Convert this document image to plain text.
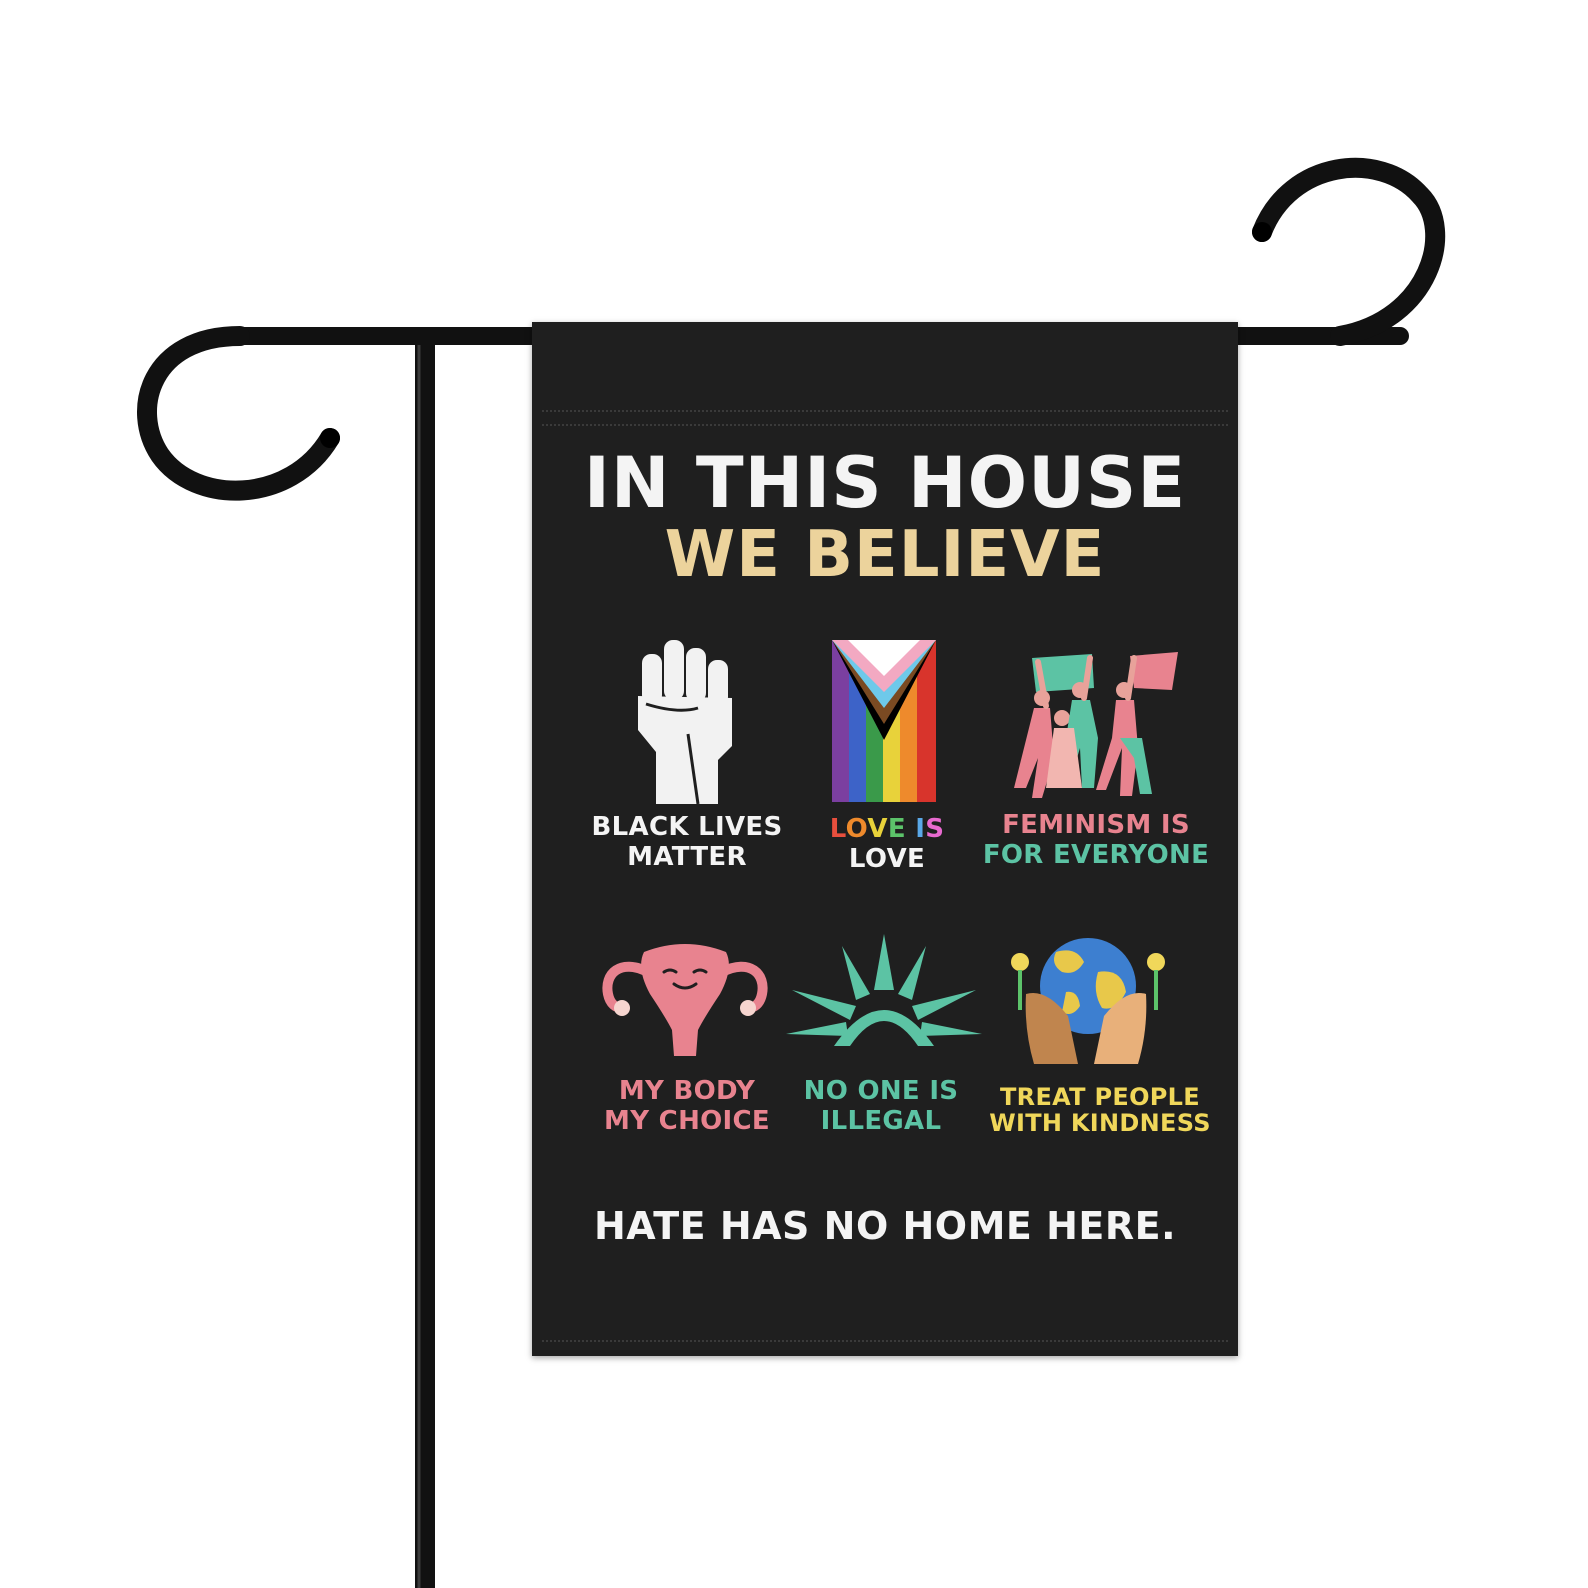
IN THIS HOUSE
WE BELIEVE
BLACK LIVES
MATTER
LOVE IS
LOVE
FEMINISM IS
FOR EVERYONE
MY BODY
MY CHOICE
NO ONE IS
ILLEGAL
TREAT PEOPLE
WITH KINDNESS
HATE HAS NO HOME HERE.
